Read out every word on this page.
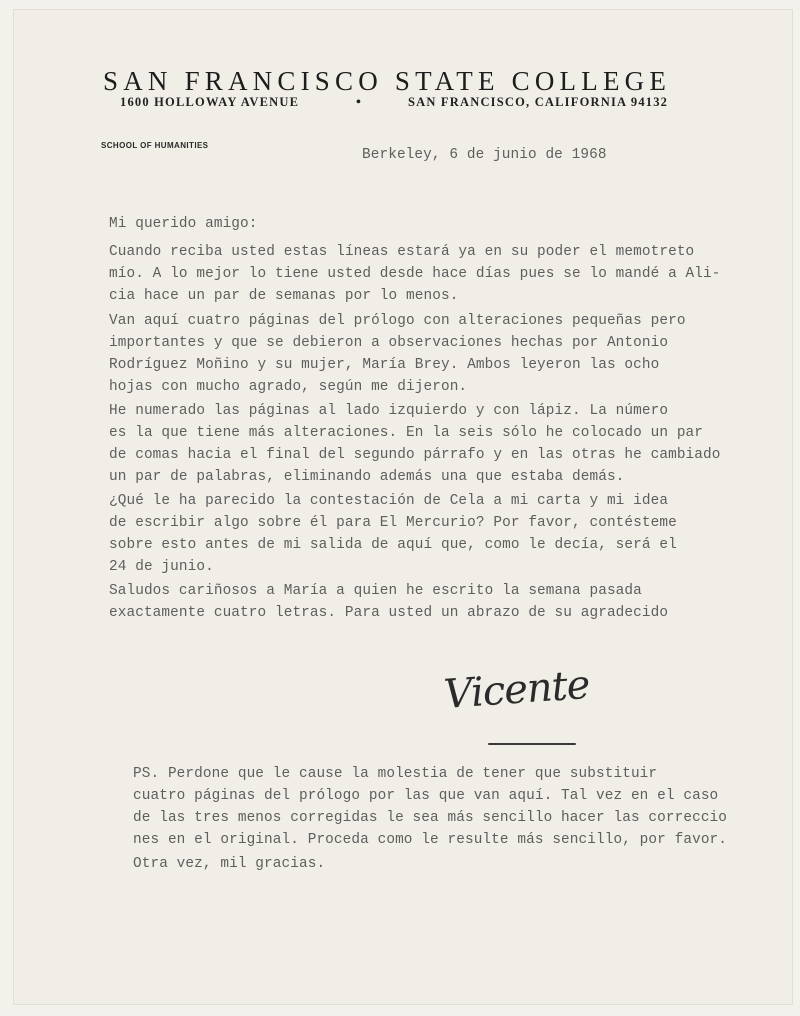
SAN FRANCISCO STATE COLLEGE
1600 HOLLOWAY AVENUE	•	SAN FRANCISCO, CALIFORNIA 94132
SCHOOL OF HUMANITIES
Berkeley, 6 de junio de 1968
Mi querido amigo:
Cuando reciba usted estas líneas estará ya en su poder el memotreto
mío. A lo mejor lo tiene usted desde hace días pues se lo mandé a Ali-
cia hace un par de semanas por lo menos.
Van aquí cuatro páginas del prólogo con alteraciones pequeñas pero
importantes y que se debieron a observaciones hechas por Antonio
Rodríguez Moñino y su mujer, María Brey. Ambos leyeron las ocho
hojas con mucho agrado, según me dijeron.
He numerado las páginas al lado izquierdo y con lápiz. La número
es la que tiene más alteraciones. En la seis sólo he colocado un par
de comas hacia el final del segundo párrafo y en las otras he cambiado
un par de palabras, eliminando además una que estaba demás.
¿Qué le ha parecido la contestación de Cela a mi carta y mi idea
de escribir algo sobre él para El Mercurio? Por favor, contésteme
sobre esto antes de mi salida de aquí que, como le decía, será el
24 de junio.
Saludos cariñosos a María a quien he escrito la semana pasada
exactamente cuatro letras. Para usted un abrazo de su agradecido
Vicente
PS. Perdone que le cause la molestia de tener que substituir
cuatro páginas del prólogo por las que van aquí. Tal vez en el caso
de las tres menos corregidas le sea más sencillo hacer las correccio
nes en el original. Proceda como le resulte más sencillo, por favor.
Otra vez, mil gracias.
